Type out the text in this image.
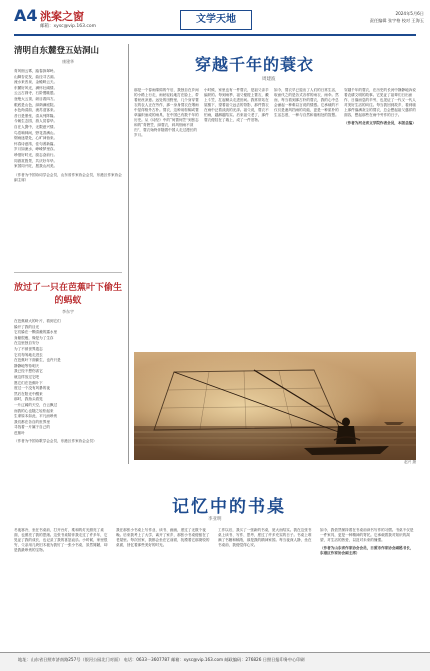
A4 洮案之窗
邮箱：xysc@vip.163.com
文学天地
2024年5月6日
责任编辑 张宇格 校对 王海玉
清明自东麓登五姑洞山
康建华
青风细云雾，踏春探翠岭。
山脚杏花发，曲径寻古洞。
流水来晋泉，金蟾映云天。
东麓好风光，满怀壮阔情。
云云古刹寺，石阶慢歇憩。
登绝大云顶，纵目看四方。
眼底是山色，绿荫满庭院。
水色尚清韵，流苏迎客来。
昔日是堡垒，清兵列阵隆。
今朝生态园，游人赏春华。
自在人寰中，无限意兴情。
鸟语响林间，野花香满山。
烟雨迷蒙处，心旷神怡来。
怀春诗意浓，佳句著新篇。
岁月如流水，峥嵘梦里存。
珍惜好时光，励志奋前行。
同游赏胜景，共庆好年华。
家国同兴旺，愿我山河美。
（作者为中国诗词学会会员，山东省作家协会会员，东港区作家协会副主席）
放过了一只在芭蕉叶下偷生的蚂蚁
李东宇
在芭蕉硕大的叶片，看到它们
躲开了我的目光
它们躲在一颗清澈的露水里
身躯很瘦，像是为了生存
在这里独自安分
为了不被世界遗忘
它们匆匆地走进去
在芭蕉叶下面偷生，也许只是
静静地等待明天
我已经不想伤害它
就这样放过它吧
愿它们在芭蕉叶下
度过一个没有风暴的夜
然后在阳光中醒来
那时，我抬头看见
一片辽阔的天空，白云飘过
而我的心也随之轻松起来
生命原本如此，平凡而珍贵
我们都在各自的世界里
寻找着一片属于自己的
芭蕉叶
（作者为中国诗歌学会会员，东港区作家协会会员）
穿越千年的蓑衣
周建波
那是一个春雨绵绵的午后，我独自在乡间的小路上行走，雨丝轻轻地打在脸上，带着丝丝凉意。远处的田野里，几个身穿蓑衣的农人正在劳作，那一身身蓑衣在烟雨中显得格外古朴。蓑衣，这种用棕榈或蓑草编织而成的雨具，在中国已有数千年的历史。从《诗经》中的“何蓑何笠”到张志和的“青箬笠，绿蓑衣，斜风细雨不须归”，蓑衣始终伴随着中国人走过漫长的岁月。
小时候，家里也有一件蓑衣，是祖父亲手编织的。每到雨季，祖父便披上蓑衣，戴上斗笠，扛起锄头走进田间。我常常站在屋檐下，望着祖父远去的背影，那件蓑衣在雨中泛着淡淡的光泽。祖父说，蓑衣不怕雨，越淋越结实。后来祖父老了，那件蓑衣便挂在了墙上，成了一件旧物。
如今，蓑衣早已退出了人们的日常生活，取而代之的是各式各样的雨衣、雨伞。然而，每当看到那古朴的蓑衣，我的心中总会涌起一种难以言说的情感。它承载的不仅仅是遮风挡雨的功能，更是一种质朴的生活态度，一种与自然和谐相处的智慧。
穿越千年的蓑衣，在历史的长河中静静地诉说着农耕文明的故事。它见证了祖辈们日出而作、日落而息的辛劳，也见证了一代又一代人对美好生活的向往。每当我回到故乡，看到墙上那件落满灰尘的蓑衣，总会想起祖父慈祥的面容，想起那些在雨中劳作的日子。
（作者为河北省文学院作者会员，本版总编）
赵兴 摄
记忆中的书桌
李亚明
冬夜寒冷，坐在书桌前，打开台灯，柔和的灯光照亮了桌面，也照亮了我的思绪。这张书桌陪伴我走过了许多年，它见证了我的成长，也记录了我的喜怒哀乐。小时候，家里很穷，父亲用几块旧木板为我钉了一张小书桌，虽然简陋，却是我最珍贵的宝物。
我在那张小书桌上写作业、读书、画画，度过了无数个夜晚。后来我考上了大学，离开了家乡，那张小书桌便留在了老屋里。每次回家，我都会坐在它前面，抚摸着它那斑驳的桌面，回忆着那些美好的时光。
工作以后，我买了一张新的书桌，宽大而结实。我在这张书桌上读书、写作、思考，度过了许多充实的日子。书桌上堆满了书籍和稿纸，那是我的精神家园。每当夜深人静，坐在书桌前，我便觉得心安。
如今，我依然保持着在书桌前读书写作的习惯。书桌不仅是一件家具，更是一种精神的寄托。它承载着我对知识的渴望，对生活的热爱，以及对未来的憧憬。
（作者为山东省作家协会会员，日照市作家协会副秘书长，东港区作家协会副主席）
地址：山东省日照市济南路257号（银河公园北门对面） 电话：0633－3607787 邮箱：xysc@vip.163.com 邮政编码：276826 日照日报印务中心印刷
